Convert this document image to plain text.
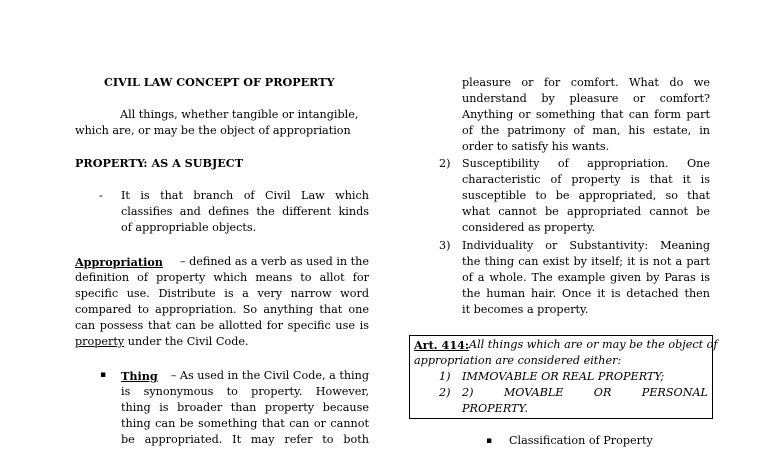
CIVIL LAW CONCEPT OF PROPERTY
All things, whether tangible or intangible,
which are, or may be the object of appropriation
PROPERTY: AS A SUBJECT
- It is that branch of Civil Law which
classifies and defines the different kinds
of appropriable objects.
Appropriation – defined as a verb as used in the
definition of property which means to allot for
specific use. Distribute is a very narrow word
compared to appropriation. So anything that one
can possess that can be allotted for specific use is
property under the Civil Code.
▪ Thing – As used in the Civil Code, a thing
is synonymous to property. However,
thing is broader than property because
thing can be something that can or cannot
be appropriated. It may refer to both
pleasure or for comfort. What do we
understand by pleasure or comfort?
Anything or something that can form part
of the patrimony of man, his estate, in
order to satisfy his wants.
2) Susceptibility of appropriation. One
characteristic of property is that it is
susceptible to be appropriated, so that
what cannot be appropriated cannot be
considered as property.
3) Individuality or Substantivity: Meaning
the thing can exist by itself; it is not a part
of a whole. The example given by Paras is
the human hair. Once it is detached then
it becomes a property.
Art. 414: All things which are or may be the object of
appropriation are considered either:
1) IMMOVABLE OR REAL PROPERTY;
2) 2)	MOVABLE	OR	PERSONAL
PROPERTY.
▪ Classification of Property
